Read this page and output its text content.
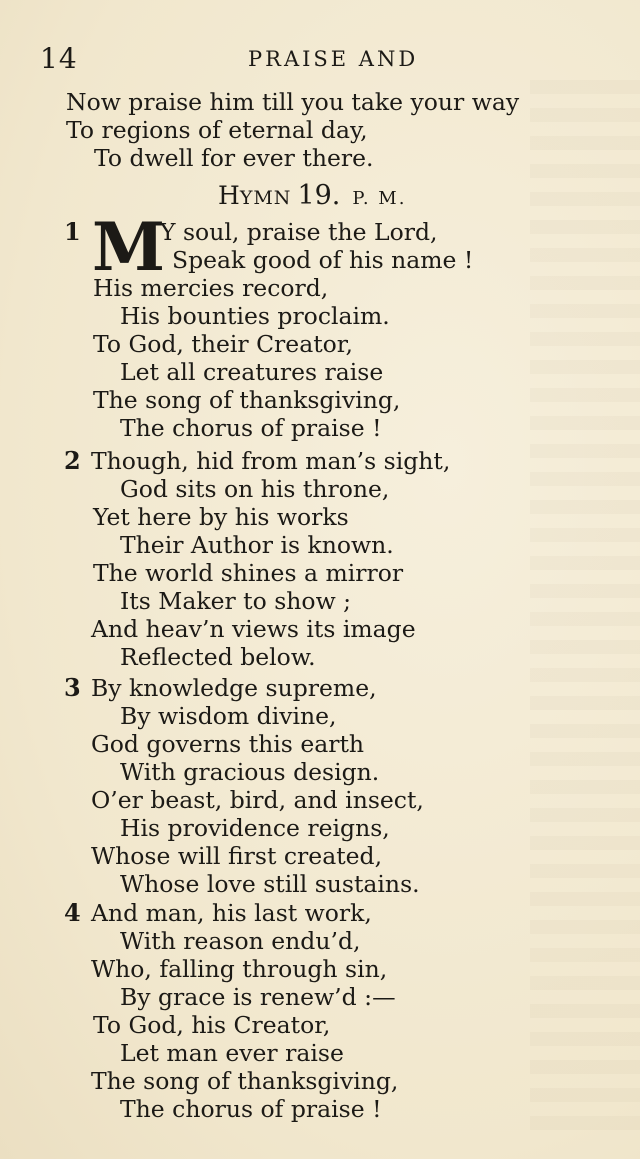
14	PRAISE AND
Now praise him till you take your way
To regions of eternal day,
To dwell for ever there.
HYMN 19. P. M.
1 M
Y soul, praise the Lord,
Speak good of his name !
His mercies record,
His bounties proclaim.
To God, their Creator,
Let all creatures raise
The song of thanksgiving,
The chorus of praise !
2 Though, hid from man’s sight,
God sits on his throne,
Yet here by his works
Their Author is known.
The world shines a mirror
Its Maker to show ;
And heav’n views its image
Reflected below.
3 By knowledge supreme,
By wisdom divine,
God governs this earth
With gracious design.
O’er beast, bird, and insect,
His providence reigns,
Whose will first created,
Whose love still sustains.
4 And man, his last work,
With reason endu’d,
Who, falling through sin,
By grace is renew’d :—
To God, his Creator,
Let man ever raise
The song of thanksgiving,
The chorus of praise !
